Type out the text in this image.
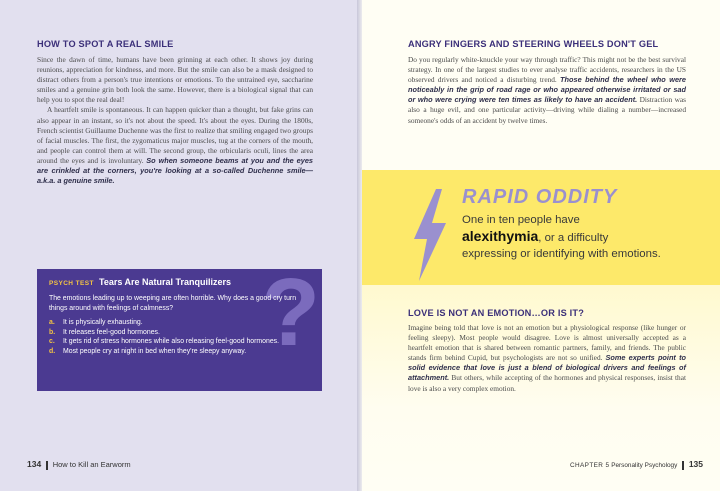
HOW TO SPOT A REAL SMILE

Since the dawn of time, humans have been grinning at each other. It shows joy during reunions, appreciation for kindness, and more. But the smile can also be a mask designed to distract others from a person's true intentions or emotions. To the untrained eye, saccharine smiles and a genuine grin both look the same. However, there is a biological signal that can help you to spot the real deal!

A heartfelt smile is spontaneous. It can happen quicker than a thought, but fake grins can also appear in an instant, so it's not about the speed. It's about the eyes. During the 1800s, French scientist Guillaume Duchenne was the first to realize that smiling engaged two groups of facial muscles. The first, the zygomaticus major muscles, tug at the corners of the mouth, and people can control them at will. The second group, the orbicularis oculi, lines the area around the eyes and is involuntary. So when someone beams at you and the eyes are crinkled at the corners, you're looking at a so-called Duchenne smile—a.k.a. a genuine smile.

?
PSYCH TEST Tears Are Natural Tranquilizers
The emotions leading up to weeping are often horrible. Why does a good cry turn things around with feelings of calmness?
a. It is physically exhausting.
b. It releases feel-good hormones.
c. It gets rid of stress hormones while also releasing feel-good hormones.
d. Most people cry at night in bed when they're sleepy anyway.
134 How to Kill an Earworm
ANGRY FINGERS AND STEERING WHEELS DON'T GEL

Do you regularly white-knuckle your way through traffic? This might not be the best survival strategy. In one of the largest studies to ever analyse traffic accidents, researchers in the US observed drivers and noticed a disturbing trend. Those behind the wheel who were noticeably in the grip of road rage or who appeared otherwise irritated or sad or who were crying were ten times as likely to have an accident. Distraction was also a huge evil, and one particular activity—driving while dialing a number—increased someone's odds of an accident by twelve times.

RAPID ODDITY
One in ten people have alexithymia, or a difficulty expressing or identifying with emotions.
LOVE IS NOT AN EMOTION…OR IS IT?

Imagine being told that love is not an emotion but a physiological response (like hunger or feeling sleepy). Most people would disagree. Love is almost universally accepted as a heartfelt emotion that is shared between romantic partners, family, and friends. The public stands firm behind Cupid, but psychologists are not so unified. Some experts point to solid evidence that love is just a blend of biological drivers and feelings of attachment. But others, while accepting of the hormones and physical responses, insist that love is also a very complex emotion.

CHAPTER 5 Personality Psychology 135
